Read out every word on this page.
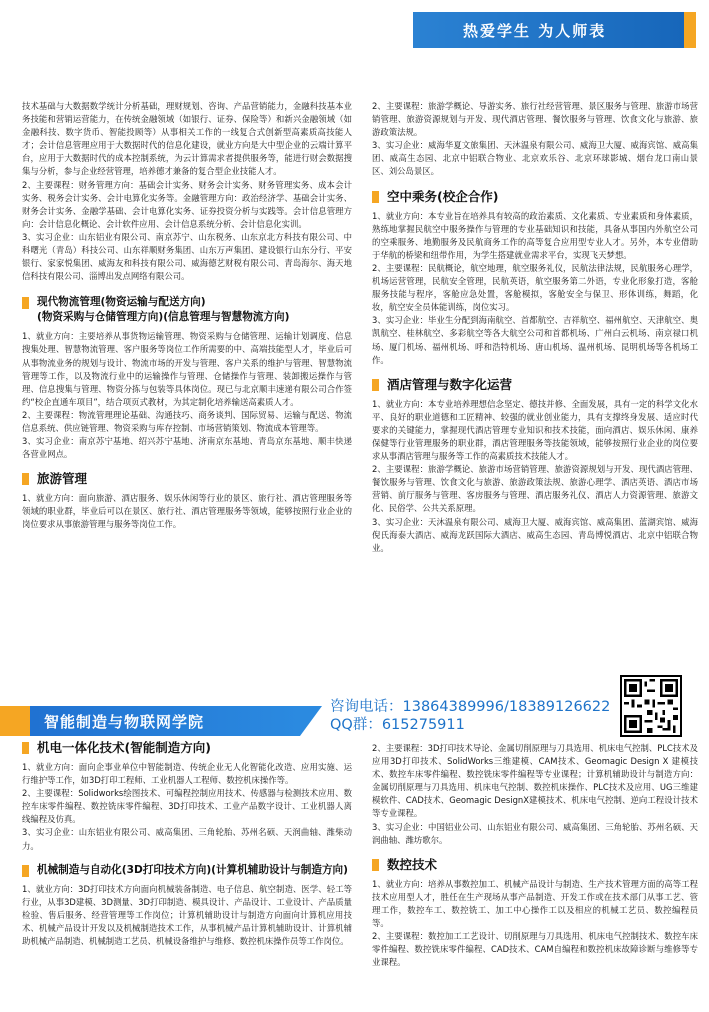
热爱学生 为人师表

技术基础与大数据数学统计分析基础，理财规划、咨询、产品营销能力，金融科技基本业务技能和营销运营能力，在传统金融领域（如银行、证券、保险等）和新兴金融领域（如金融科技、数字货币、智能投顾等）从事相关工作的一线复合式创新型高素质高技能人才；会计信息管理应用于大数据时代的信息化建设，就业方向是大中型企业的云端计算平台，应用于大数据时代的成本控制系统，为云计算需求者提供服务等，能进行财会数据搜集与分析，参与企业经营管理，培养德才兼备的复合型企业技能人才。

2、主要课程：财务管理方向：基础会计实务、财务会计实务、财务管理实务、成本会计实务、税务会计实务、会计电算化实务等。金融管理方向：政治经济学、基础会计实务、财务会计实务、金融学基础、会计电算化实务、证券投资分析与实践等。会计信息管理方向：会计信息化概论、会计软件应用、会计信息系统分析、会计信息化实训。

3、实习企业：山东铝业有限公司、南京苏宁、山东税务、山东京北方科技有限公司、中科曙光（青岛）科技公司、山东祥顺财务集团、山东万声集团、建设银行山东分行、平安银行、家家悦集团、威海友和科技有限公司、威海德艺财税有限公司、青岛海尔、海天地信科技有限公司、淄博出发点网络有限公司。

现代物流管理(物资运输与配送方向)
(物资采购与仓储管理方向)(信息管理与智慧物流方向)

1、就业方向：主要培养从事货物运输管理、物资采购与仓储管理、运输计划调度、信息搜集处理、智慧物流管理、客户服务等岗位工作所需要的中、高端技能型人才，毕业后可从事物流业务的规划与设计、物流市场的开发与管理、客户关系的维护与管理、智慧物流管理等工作，以及物流行业中的运输操作与管理、仓储操作与管理、装卸搬运操作与管理、信息搜集与管理、物资分拣与包装等具体岗位。现已与北京顺丰速递有限公司合作签约“校企直通车项目”，结合项页式教材，为其定制化培养输送高素质人才。

2、主要课程：物流管理理论基础、沟通技巧、商务谈判、国际贸易、运输与配送、物流信息系统、供应链管理、物资采购与库存控制、市场营销策划、物流成本管理等。

3、实习企业：南京苏宁基地、绍兴苏宁基地、济南京东基地、青岛京东基地、顺丰快递各营业网点。

旅游管理

1、就业方向：面向旅游、酒店服务、娱乐休闲等行业的景区、旅行社、酒店管理服务等领域的职业群，毕业后可以在景区、旅行社、酒店管理服务等领域，能够按照行业企业的岗位要求从事旅游管理与服务等岗位工作。

2、主要课程：旅游学概论、导游实务、旅行社经营管理、景区服务与管理、旅游市场营销管理、旅游资源规划与开发、现代酒店管理、餐饮服务与管理、饮食文化与旅游、旅游政策法规。

3、实习企业：威海华夏文旅集团、天沐温泉有限公司、威海卫大厦、威海宾馆、威高集团、威高生态园、北京中铝联合物业、北京欢乐谷、北京环球影城、烟台龙口南山景区、刘公岛景区。

空中乘务(校企合作)

1、就业方向：本专业旨在培养具有较高的政治素质、文化素质、专业素质和身体素质，熟练地掌握民航空中服务操作与管理的专业基础知识和技能，具备从事国内外航空公司的空乘服务、地勤服务及民航商务工作的高等复合应用型专业人才。另外，本专业借助于华航的桥梁和纽带作用，为学生搭建就业需求平台，实现飞天梦想。

2、主要课程：民航概论，航空地理，航空服务礼仪，民航法律法规，民航服务心理学，机场运营管理，民航安全管理，民航英语，航空服务第二外语，专业化形象打造，客舱服务技能与程序，客舱应急处置，客舱模拟，客舱安全与保卫、形体训练，舞蹈，化妆，航空安全员体能训练，岗位实习。

3、实习企业：毕业生分配到海南航空、首都航空、吉祥航空、福州航空、天津航空、奥凯航空、桂林航空、多彩航空等各大航空公司和首都机场、广州白云机场、南京禄口机场、厦门机场、福州机场、呼和浩特机场、唐山机场、温州机场、昆明机场等各机场工作。

酒店管理与数字化运营

1、就业方向：本专业培养理想信念坚定、德技并修、全面发展，具有一定的科学文化水平、良好的职业道德和工匠精神、较强的就业创业能力，具有支撑终身发展、适应时代要求的关键能力，掌握现代酒店管理专业知识和技术技能，面向酒店、娱乐休闲、康养保健等行业管理服务的职业群，酒店管理服务等技能领域，能够按照行业企业的岗位要求从事酒店管理与服务等工作的高素质技术技能人才。

2、主要课程：旅游学概论、旅游市场营销管理、旅游资源规划与开发、现代酒店管理、餐饮服务与管理、饮食文化与旅游、旅游政策法规、旅游心理学、酒店英语、酒店市场营销、前厅服务与管理、客房服务与管理、酒店服务礼仪、酒店人力资源管理、旅游文化、民俗学、公共关系原理。

3、实习企业：天沐温泉有限公司、威海卫大厦、威海宾馆、威高集团、蓝湖宾馆、威海倪氏海泰大酒店、威海龙跃国际大酒店、威高生态园、青岛博悦酒店、北京中铝联合物业。

咨询电话：13864389996/18389126622
QQ群：615275911
智能制造与物联网学院
机电一体化技术(智能制造方向)

1、就业方向：面向企事业单位中智能制造、传统企业无人化智能化改造、应用实施、运行维护等工作，如3D打印工程师、工业机器人工程师、数控机床操作等。

2、主要课程：Solidworks绘图技术、可编程控制应用技术、传感器与检测技术应用、数控车床零件编程、数控铣床零件编程、3D打印技术、工业产品数字设计、工业机器人离线编程及仿真。

3、实习企业：山东铝业有限公司、威高集团、三角轮胎、苏州名硕、天润曲轴、潍柴动力。

机械制造与自动化(3D打印技术方向)(计算机辅助设计与制造方向)

1、就业方向：3D打印技术方向面向机械装备制造、电子信息、航空制造、医学、轻工等行业，从事3D建模、3D测量、3D打印制造、模具设计、产品设计、工业设计、产品质量检验、售后服务、经营管理等工作岗位；计算机辅助设计与制造方向面向计算机应用技术、机械产品设计开发以及机械制造技术工作，从事机械产品计算机辅助设计、计算机辅助机械产品制造、机械制造工艺员、机械设备维护与维修、数控机床操作员等工作岗位。

2、主要课程：3D打印技术导论、金属切削原理与刀具选用、机床电气控制、PLC技术及应用3D打印技术、SolidWorks三维建模、CAM技术、Geomagic Design X 建模技术、数控车床零件编程、数控铣床零件编程等专业课程；计算机辅助设计与制造方向：金属切削原理与刀具选用、机床电气控制、数控机床操作、PLC技术及应用、UG三维建模软件、CAD技术、Geomagic DesignX建模技术、机床电气控制、逆向工程设计技术等专业课程。

3、实习企业：中国铝业公司、山东铝业有限公司、威高集团、三角轮胎、苏州名硕、天润曲轴、潍坊歌尔。

数控技术

1、就业方向：培养从事数控加工、机械产品设计与制造、生产技术管理方面的高等工程技术应用型人才，胜任在生产现场从事产品制造、开发工作或在技术部门从事工艺、管理工作，数控车工、数控铣工、加工中心操作工以及相应的机械工艺员、数控编程员等。

2、主要课程：数控加工工艺设计、切削原理与刀具选用、机床电气控制技术、数控车床零件编程、数控铣床零件编程、CAD技术、CAM自编程和数控机床故障诊断与维修等专业课程。
